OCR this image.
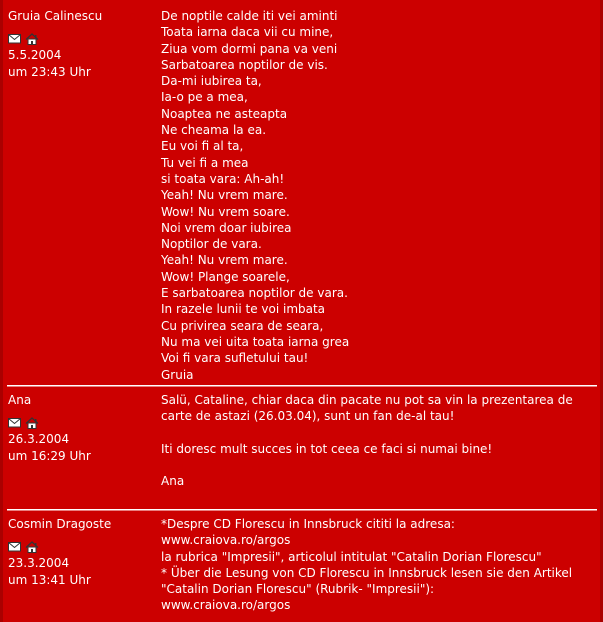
Gruia Calinescu
5.5.2004
um 23:43 Uhr
De noptile calde iti vei aminti
Toata iarna daca vii cu mine,
Ziua vom dormi pana va veni
Sarbatoarea noptilor de vis.
Da-mi iubirea ta,
Ia-o pe a mea,
Noaptea ne asteapta
Ne cheama la ea.
Eu voi fi al ta,
Tu vei fi a mea
si toata vara: Ah-ah!
Yeah! Nu vrem mare.
Wow! Nu vrem soare.
Noi vrem doar iubirea
Noptilor de vara.
Yeah! Nu vrem mare.
Wow! Plange soarele,
E sarbatoarea noptilor de vara.
In razele lunii te voi imbata
Cu privirea seara de seara,
Nu ma vei uita toata iarna grea
Voi fi vara sufletului tau!
Gruia
Ana
26.3.2004
um 16:29 Uhr
Salü, Cataline, chiar daca din pacate nu pot sa vin la prezentarea de carte de astazi (26.03.04), sunt un fan de-al tau!

Iti doresc mult succes in tot ceea ce faci si numai bine!

Ana
Cosmin Dragoste
23.3.2004
um 13:41 Uhr
*Despre CD Florescu in Innsbruck cititi la adresa:
www.craiova.ro/argos
la rubrica "Impresii", articolul intitulat "Catalin Dorian Florescu"
* Über die Lesung von CD Florescu in Innsbruck lesen sie den Artikel "Catalin Dorian Florescu" (Rubrik- "Impresii"):
www.craiova.ro/argos
